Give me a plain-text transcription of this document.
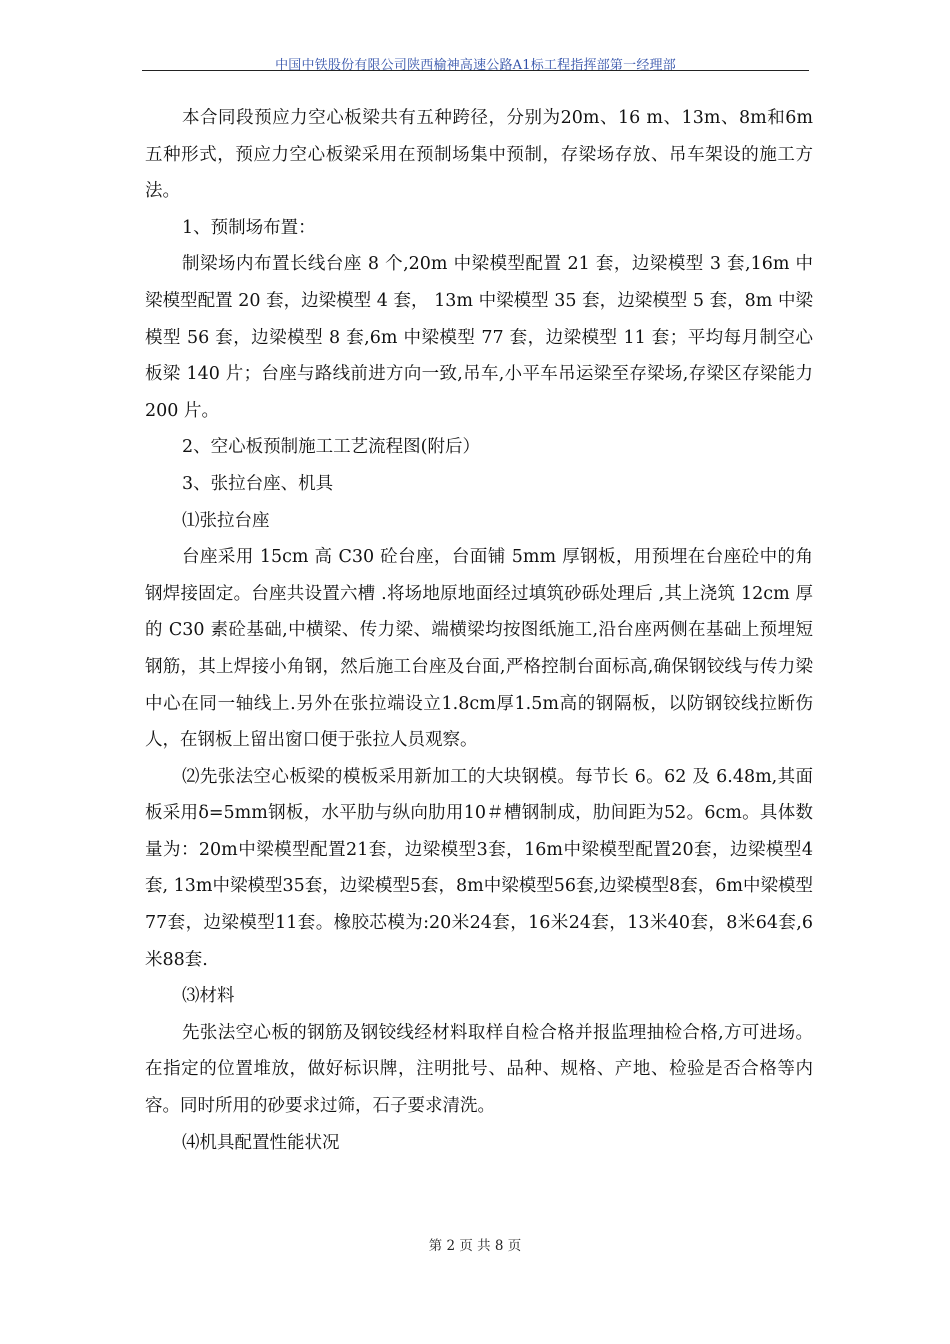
中国中铁股份有限公司陕西榆神高速公路A1标工程指挥部第一经理部

本合同段预应力空心板梁共有五种跨径，分别为20m、16 m、13m、8m和6m五种形式，预应力空心板梁采用在预制场集中预制，存梁场存放、吊车架设的施工方法。

1、预制场布置：

制梁场内布置长线台座 8 个,20m 中梁模型配置 21 套，边梁模型 3 套,16m 中梁模型配置 20 套，边梁模型 4 套， 13m 中梁模型 35 套，边梁模型 5 套，8m 中梁模型 56 套，边梁模型 8 套,6m 中梁模型 77 套，边梁模型 11 套；平均每月制空心板梁 140 片；台座与路线前进方向一致,吊车,小平车吊运梁至存梁场,存梁区存梁能力 200 片。

2、空心板预制施工工艺流程图(附后）

3、张拉台座、机具

⑴张拉台座

台座采用 15cm 高 C30 砼台座，台面铺 5mm 厚钢板，用预埋在台座砼中的角钢焊接固定。台座共设置六槽 .将场地原地面经过填筑砂砾处理后 ,其上浇筑 12cm 厚的 C30 素砼基础,中横梁、传力梁、端横梁均按图纸施工,沿台座两侧在基础上预埋短钢筋，其上焊接小角钢，然后施工台座及台面,严格控制台面标高,确保钢铰线与传力梁中心在同一轴线上.另外在张拉端设立1.8cm厚1.5m高的钢隔板，以防钢铰线拉断伤人，在钢板上留出窗口便于张拉人员观察。

⑵先张法空心板梁的模板采用新加工的大块钢模。每节长 6。62 及 6.48m,其面板采用δ=5mm钢板，水平肋与纵向肋用10＃槽钢制成，肋间距为52。6cm。具体数量为：20m中梁模型配置21套，边梁模型3套，16m中梁模型配置20套，边梁模型4套, 13m中梁模型35套，边梁模型5套，8m中梁模型56套,边梁模型8套，6m中梁模型77套，边梁模型11套。橡胶芯模为:20米24套，16米24套，13米40套，8米64套,6米88套.

⑶材料

先张法空心板的钢筋及钢铰线经材料取样自检合格并报监理抽检合格,方可进场。在指定的位置堆放，做好标识牌，注明批号、品种、规格、产地、检验是否合格等内容。同时所用的砂要求过筛，石子要求清洗。

⑷机具配置性能状况

第 2 页 共 8 页
